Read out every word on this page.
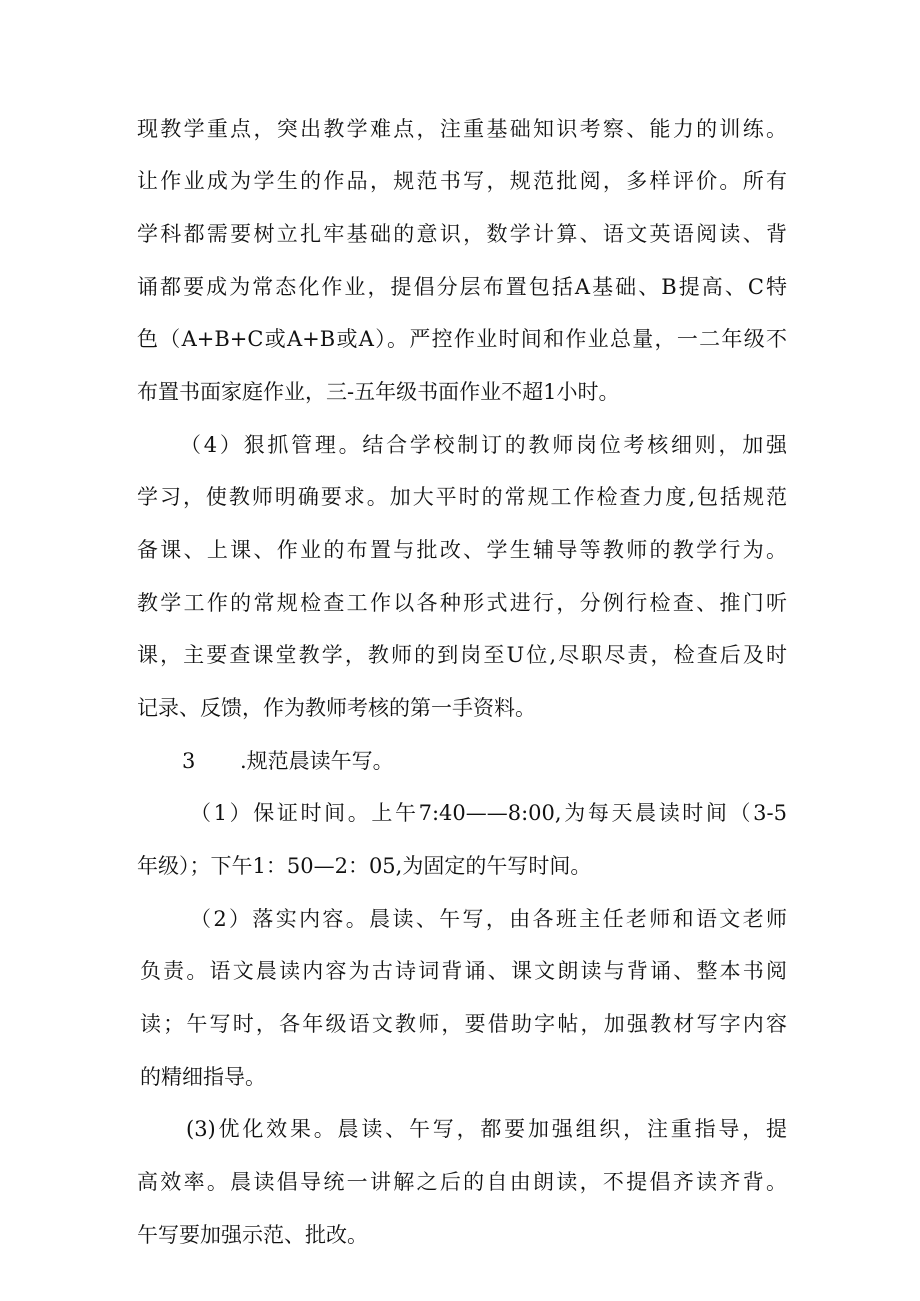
现教学重点，突出教学难点，注重基础知识考察、能力的训练。
让作业成为学生的作品，规范书写，规范批阅，多样评价。所有
学科都需要树立扎牢基础的意识，数学计算、语文英语阅读、背
诵都要成为常态化作业，提倡分层布置包括A基础、B提高、C特
色（A+B+C或A+B或A）。严控作业时间和作业总量，一二年级不
布置书面家庭作业，三-五年级书面作业不超1小时。
（4）狠抓管理。结合学校制订的教师岗位考核细则，加强
学习，使教师明确要求。加大平时的常规工作检查力度,包括规范
备课、上课、作业的布置与批改、学生辅导等教师的教学行为。
教学工作的常规检查工作以各种形式进行，分例行检查、推门听
课，主要查课堂教学，教师的到岗至U位,尽职尽责，检查后及时
记录、反馈，作为教师考核的第一手资料。
3 .规范晨读午写。
（1）保证时间。上午7:40——8:00,为每天晨读时间（3-5
年级）；下午1：50—2：05,为固定的午写时间。
（2）落实内容。晨读、午写，由各班主任老师和语文老师
负责。语文晨读内容为古诗词背诵、课文朗读与背诵、整本书阅
读；午写时，各年级语文教师，要借助字帖，加强教材写字内容
的精细指导。
(3)优化效果。晨读、午写，都要加强组织，注重指导，提
高效率。晨读倡导统一讲解之后的自由朗读，不提倡齐读齐背。
午写要加强示范、批改。
